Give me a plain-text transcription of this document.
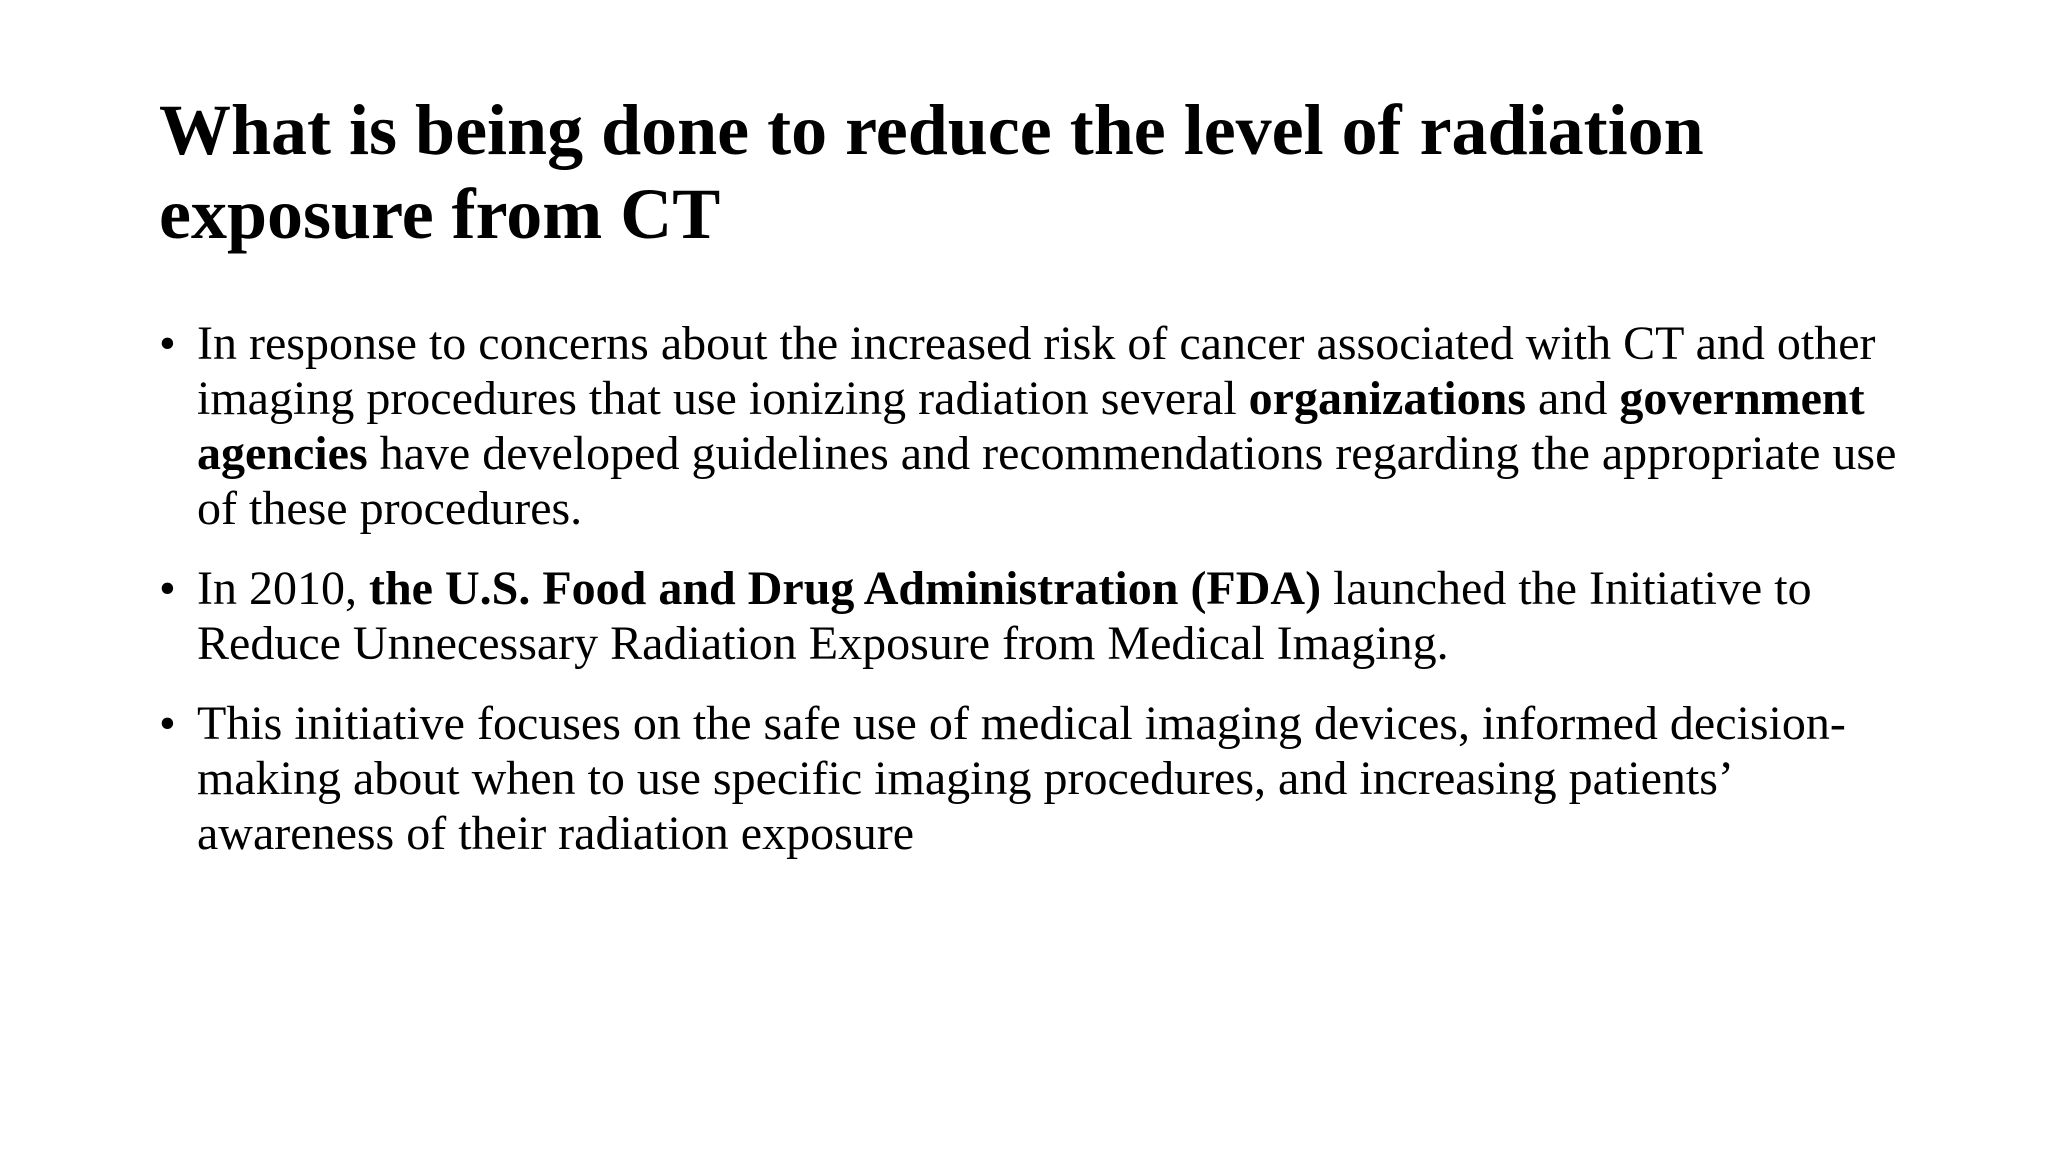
What is being done to reduce the level of radiation exposure from CT
• In response to concerns about the increased risk of cancer associated with CT and other imaging procedures that use ionizing radiation several organizations and government agencies have developed guidelines and recommendations regarding the appropriate use of these procedures.
• In 2010, the U.S. Food and Drug Administration (FDA) launched the Initiative to Reduce Unnecessary Radiation Exposure from Medical Imaging.
• This initiative focuses on the safe use of medical imaging devices, informed decision-making about when to use specific imaging procedures, and increasing patients’ awareness of their radiation exposure
